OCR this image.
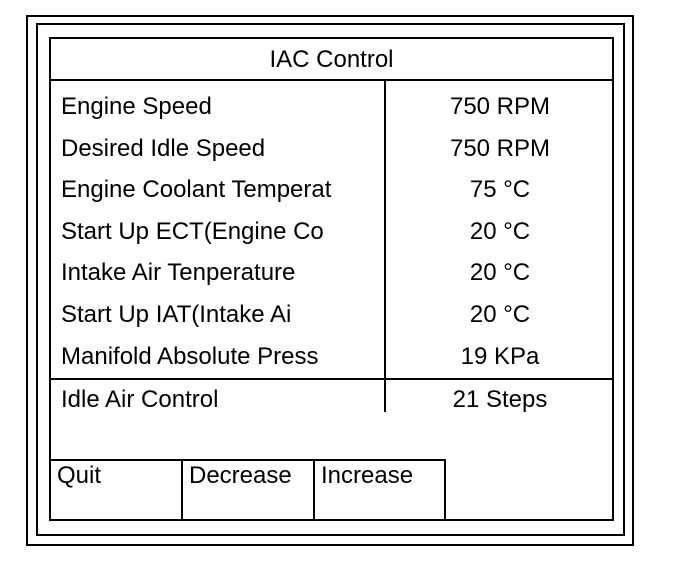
IAC Control
Engine Speed	750 RPM
Desired Idle Speed	750 RPM
Engine Coolant Temperat	75 °C
Start Up ECT(Engine Co	20 °C
Intake Air Tenperature	20 °C
Start Up IAT(Intake Ai	20 °C
Manifold Absolute Press	19 KPa
Idle Air Control	21 Steps
Quit	Decrease	Increase
